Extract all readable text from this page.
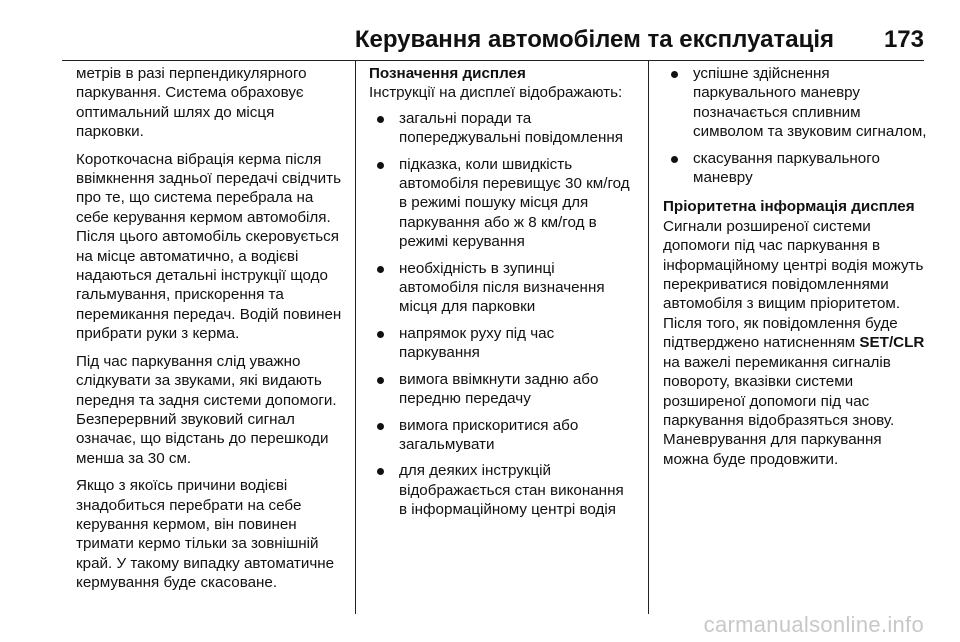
Керування автомобілем та експлуатація 173

метрів в разі перпендикулярного паркування. Система обраховує оптимальний шлях до місця парковки.

Короткочасна вібрація керма після ввімкнення задньої передачі свідчить про те, що система перебрала на себе керування кермом автомобіля. Після цього автомобіль скеровується на місце автоматично, а водієві надаються детальні інструкції щодо гальмування, прискорення та перемикання передач. Водій повинен прибрати руки з керма.

Під час паркування слід уважно слідкувати за звуками, які видають передня та задня системи допомоги. Безперервний звуковий сигнал означає, що відстань до перешкоди менша за 30 см.

Якщо з якоїсь причини водієві знадобиться перебрати на себе керування кермом, він повинен тримати кермо тільки за зовнішній край. У такому випадку автоматичне кермування буде скасоване.

Позначення дисплея
Інструкції на дисплеї відображають:
загальні поради та попереджувальні повідомлення
підказка, коли швидкість автомобіля перевищує 30 км/год в режимі пошуку місця для паркування або ж 8 км/год в режимі керування
необхідність в зупинці автомобіля після визначення місця для парковки
напрямок руху під час паркування
вимога ввімкнути задню або передню передачу
вимога прискоритися або загальмувати
для деяких інструкцій відображається стан виконання в інформаційному центрі водія
успішне здійснення паркувального маневру позначається спливним символом та звуковим сигналом,
скасування паркувального маневру
Пріоритетна інформація дисплея
Сигнали розширеної системи допомоги під час паркування в інформаційному центрі водія можуть перекриватися повідомленнями автомобіля з вищим пріоритетом. Після того, як повідомлення буде підтверджено натисненням SET/CLR на важелі перемикання сигналів повороту, вказівки системи розширеної допомоги під час паркування відобразяться знову.
Маневрування для паркування можна буде продовжити.
carmanualsonline.info
